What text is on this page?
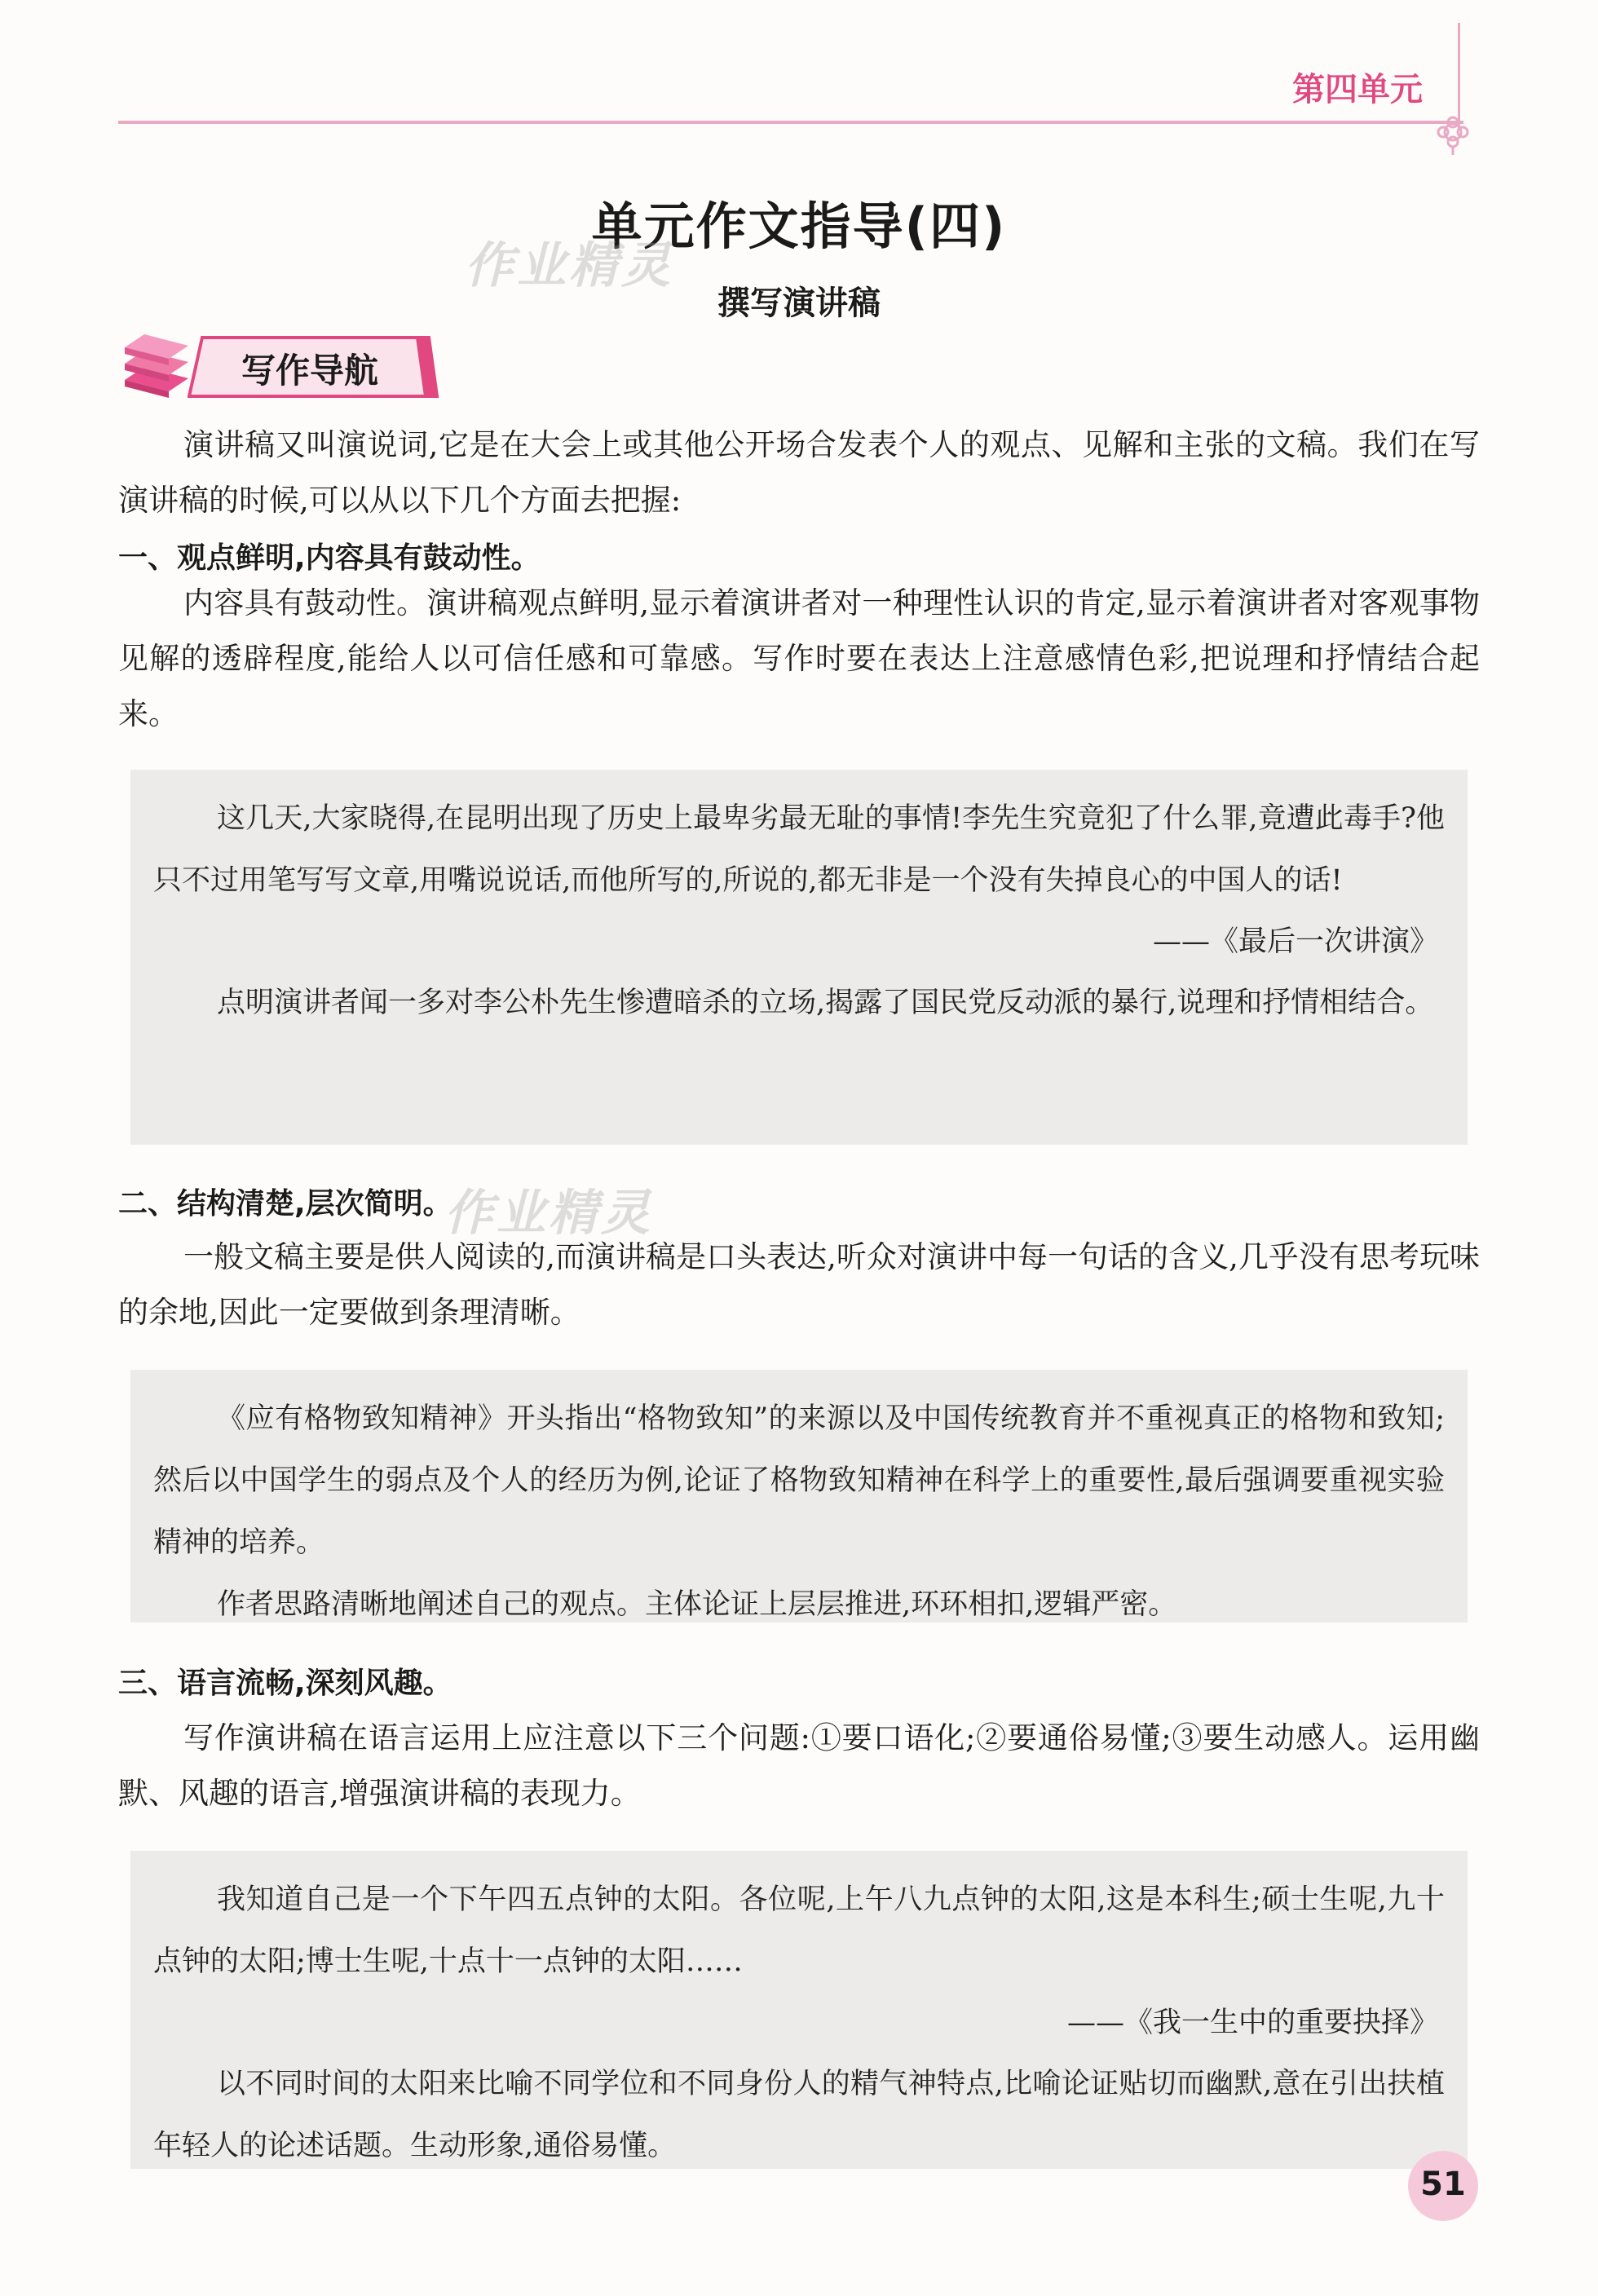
第四单元
单元作文指导(四)
作业精灵
撰写演讲稿
写作导航
演讲稿又叫演说词,它是在大会上或其他公开场合发表个人的观点、见解和主张的文稿。我们在写演讲稿的时候,可以从以下几个方面去把握:
一、观点鲜明,内容具有鼓动性。
内容具有鼓动性。演讲稿观点鲜明,显示着演讲者对一种理性认识的肯定,显示着演讲者对客观事物见解的透辟程度,能给人以可信任感和可靠感。写作时要在表达上注意感情色彩,把说理和抒情结合起来。
这几天,大家晓得,在昆明出现了历史上最卑劣最无耻的事情!李先生究竟犯了什么罪,竟遭此毒手?他只不过用笔写写文章,用嘴说说话,而他所写的,所说的,都无非是一个没有失掉良心的中国人的话!
——《最后一次讲演》
点明演讲者闻一多对李公朴先生惨遭暗杀的立场,揭露了国民党反动派的暴行,说理和抒情相结合。
二、结构清楚,层次简明。
作业精灵
一般文稿主要是供人阅读的,而演讲稿是口头表达,听众对演讲中每一句话的含义,几乎没有思考玩味的余地,因此一定要做到条理清晰。
《应有格物致知精神》开头指出“格物致知”的来源以及中国传统教育并不重视真正的格物和致知;然后以中国学生的弱点及个人的经历为例,论证了格物致知精神在科学上的重要性,最后强调要重视实验精神的培养。
作者思路清晰地阐述自己的观点。主体论证上层层推进,环环相扣,逻辑严密。
三、语言流畅,深刻风趣。
写作演讲稿在语言运用上应注意以下三个问题:①要口语化;②要通俗易懂;③要生动感人。运用幽默、风趣的语言,增强演讲稿的表现力。
我知道自己是一个下午四五点钟的太阳。各位呢,上午八九点钟的太阳,这是本科生;硕士生呢,九十点钟的太阳;博士生呢,十点十一点钟的太阳……
——《我一生中的重要抉择》
以不同时间的太阳来比喻不同学位和不同身份人的精气神特点,比喻论证贴切而幽默,意在引出扶植年轻人的论述话题。生动形象,通俗易懂。
51
